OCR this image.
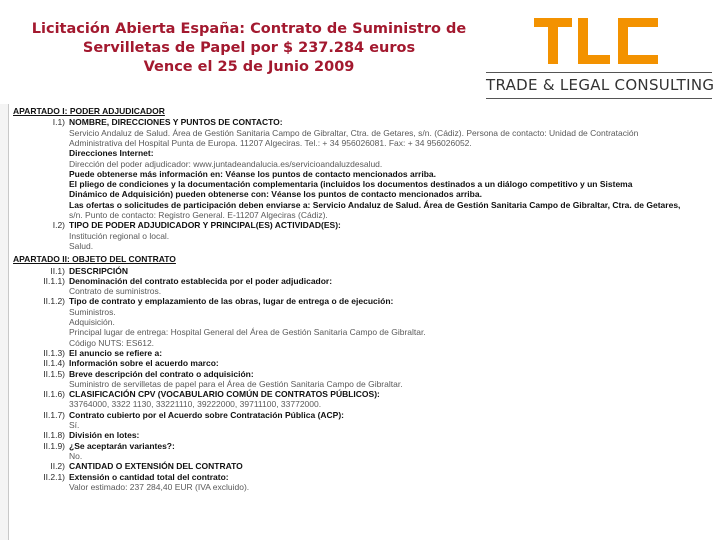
Licitación Abierta España: Contrato de Suministro de
Servilletas de Papel por $ 237.284 euros
Vence el 25 de Junio 2009
TRADE & LEGAL CONSULTING
APARTADO I: PODER ADJUDICADOR
I.1) NOMBRE, DIRECCIONES Y PUNTOS DE CONTACTO:
Servicio Andaluz de Salud. Área de Gestión Sanitaria Campo de Gibraltar, Ctra. de Getares, s/n. (Cádiz). Persona de contacto: Unidad de Contratación
Administrativa del Hospital Punta de Europa. 11207 Algeciras. Tel.: + 34 956026081. Fax: + 34 956026052.
Direcciones Internet:
Dirección del poder adjudicador: www.juntadeandalucia.es/servicioandaluzdesalud.
Puede obtenerse más información en: Véanse los puntos de contacto mencionados arriba.
El pliego de condiciones y la documentación complementaria (incluidos los documentos destinados a un diálogo competitivo y un Sistema
Dinámico de Adquisición) pueden obtenerse con: Véanse los puntos de contacto mencionados arriba.
Las ofertas o solicitudes de participación deben enviarse a: Servicio Andaluz de Salud. Área de Gestión Sanitaria Campo de Gibraltar, Ctra. de Getares,
s/n. Punto de contacto: Registro General. E-11207 Algeciras (Cádiz).
I.2) TIPO DE PODER ADJUDICADOR Y PRINCIPAL(ES) ACTIVIDAD(ES):
Institución regional o local.
Salud.
APARTADO II: OBJETO DEL CONTRATO
II.1) DESCRIPCIÓN
II.1.1) Denominación del contrato establecida por el poder adjudicador:
Contrato de suministros.
II.1.2) Tipo de contrato y emplazamiento de las obras, lugar de entrega o de ejecución:
Suministros.
Adquisición.
Principal lugar de entrega: Hospital General del Área de Gestión Sanitaria Campo de Gibraltar.
Código NUTS: ES612.
II.1.3) El anuncio se refiere a:
II.1.4) Información sobre el acuerdo marco:
II.1.5) Breve descripción del contrato o adquisición:
Suministro de servilletas de papel para el Área de Gestión Sanitaria Campo de Gibraltar.
II.1.6) CLASIFICACIÓN CPV (VOCABULARIO COMÚN DE CONTRATOS PÚBLICOS):
33764000, 3322 1130, 33221110, 39222000, 39711100, 33772000.
II.1.7) Contrato cubierto por el Acuerdo sobre Contratación Pública (ACP):
Sí.
II.1.8) División en lotes:
II.1.9) ¿Se aceptarán variantes?:
No.
II.2) CANTIDAD O EXTENSIÓN DEL CONTRATO
II.2.1) Extensión o cantidad total del contrato:
Valor estimado: 237 284,40 EUR (IVA excluido).
